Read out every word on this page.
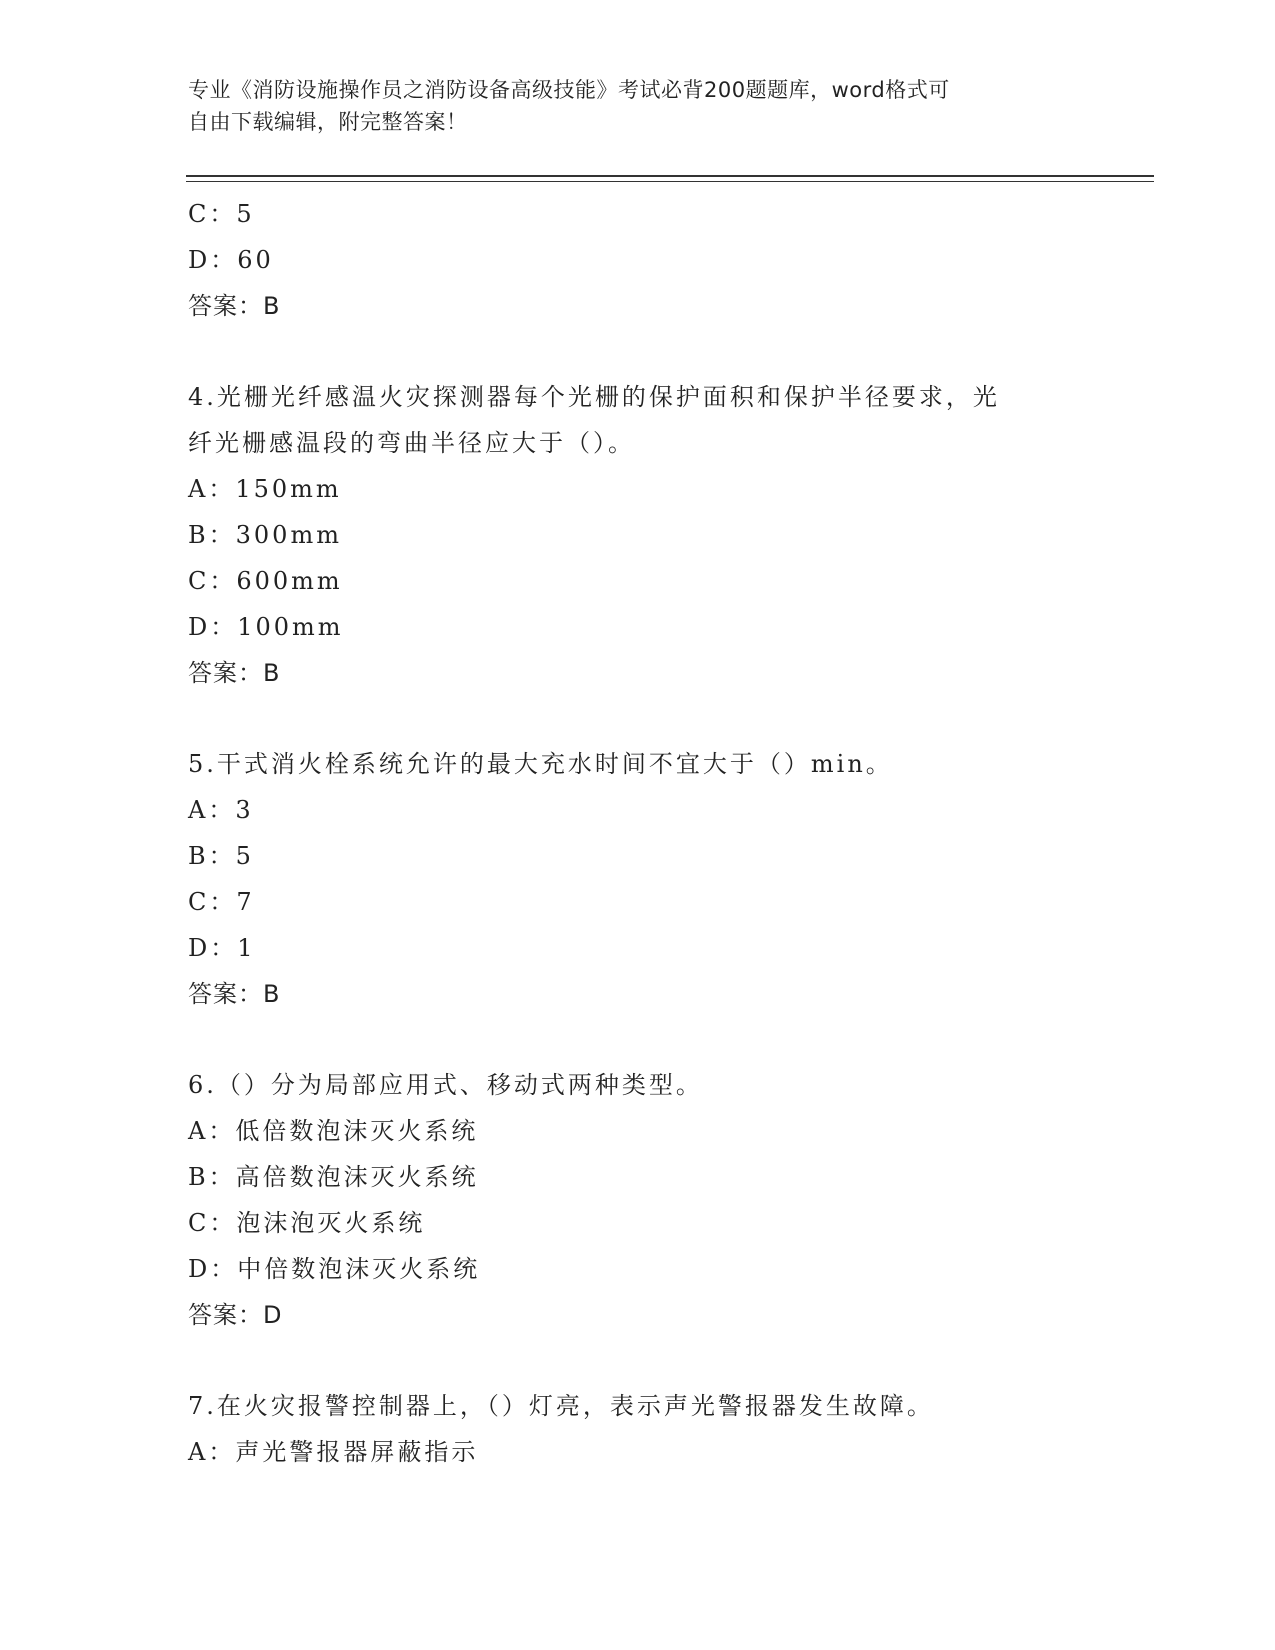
专业《消防设施操作员之消防设备高级技能》考试必背200题题库，word格式可
自由下载编辑，附完整答案！
C：5
D：60
答案：B
4.光栅光纤感温火灾探测器每个光栅的保护面积和保护半径要求，光
纤光栅感温段的弯曲半径应大于（）。
A：150mm
B：300mm
C：600mm
D：100mm
答案：B
5.干式消火栓系统允许的最大充水时间不宜大于（）min。
A：3
B：5
C：7
D：1
答案：B
6.（）分为局部应用式、移动式两种类型。
A：低倍数泡沫灭火系统
B：高倍数泡沫灭火系统
C：泡沫泡灭火系统
D：中倍数泡沫灭火系统
答案：D
7.在火灾报警控制器上，（）灯亮，表示声光警报器发生故障。
A：声光警报器屏蔽指示
